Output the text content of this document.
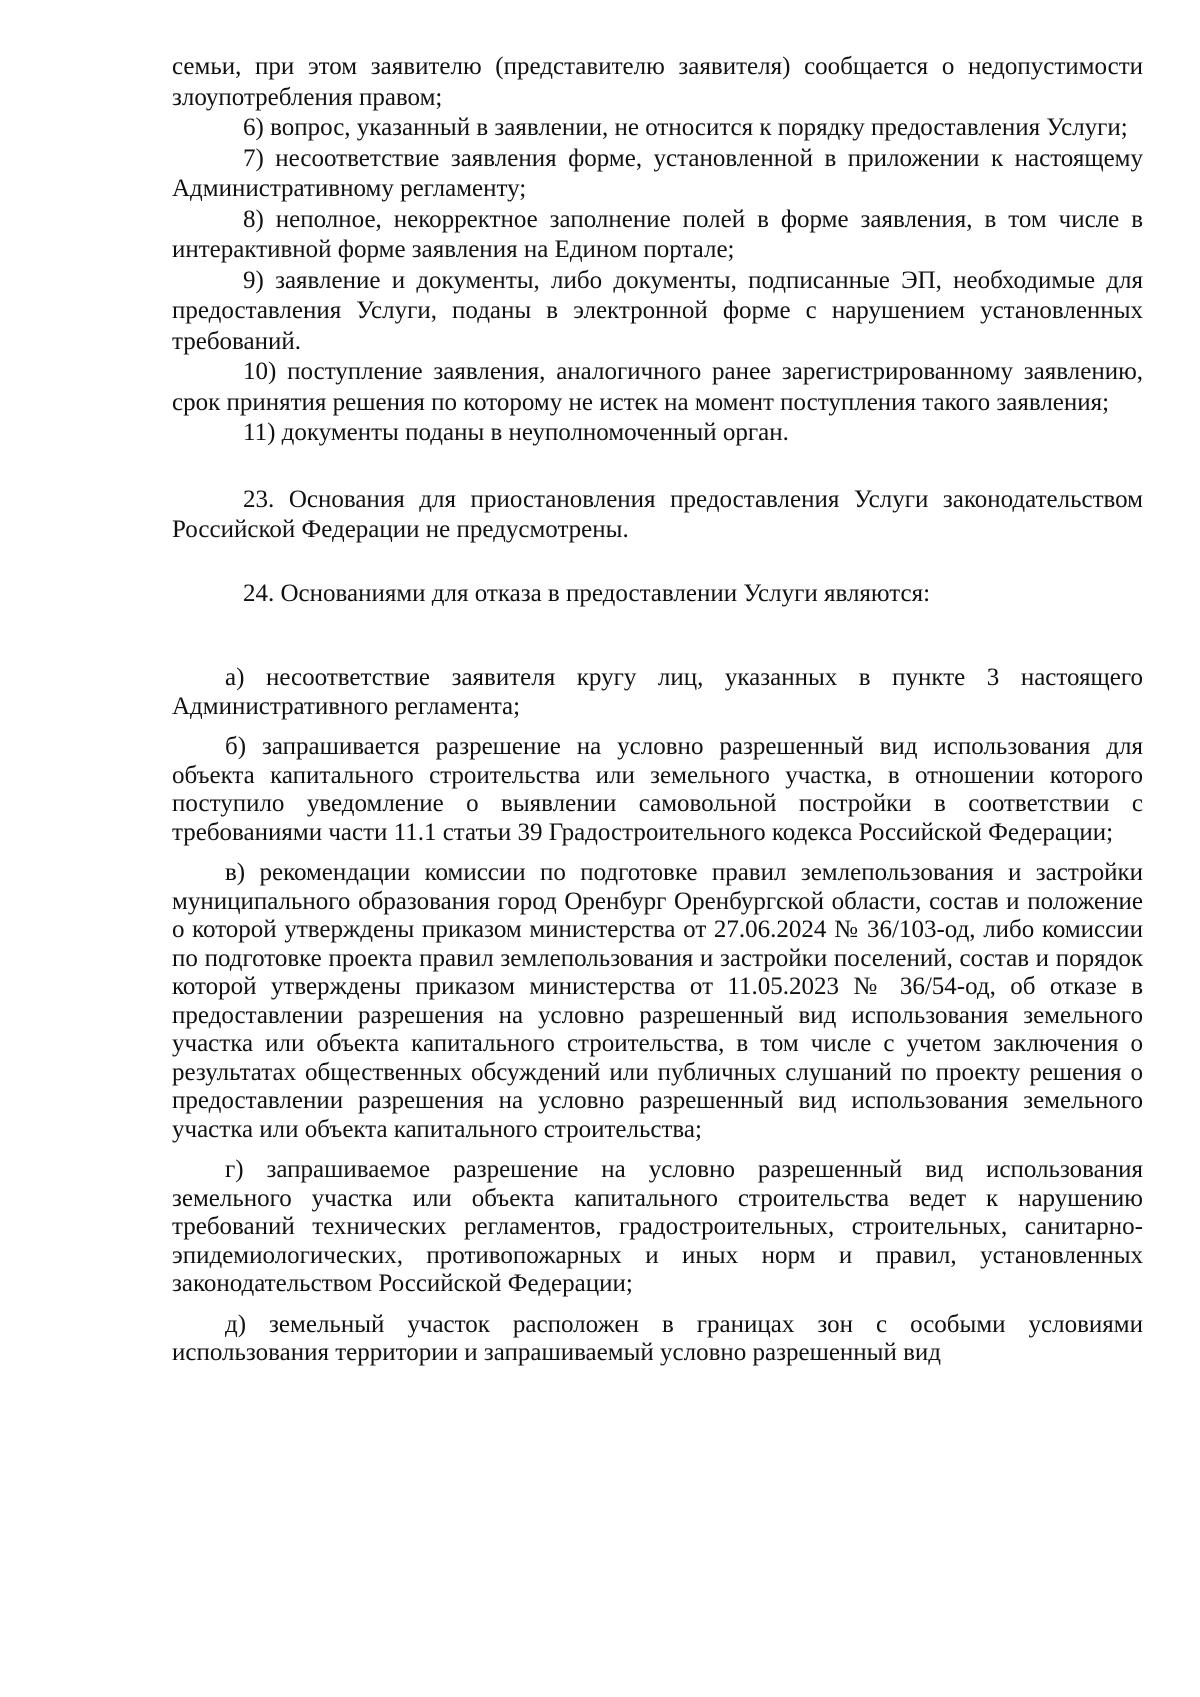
семьи, при этом заявителю (представителю заявителя) сообщается о недопустимости злоупотребления правом;

6) вопрос, указанный в заявлении, не относится к порядку предоставления Услуги;

7) несоответствие заявления форме, установленной в приложении к настоящему Административному регламенту;

8) неполное, некорректное заполнение полей в форме заявления, в том числе в интерактивной форме заявления на Едином портале;

9) заявление и документы, либо документы, подписанные ЭП, необходимые для предоставления Услуги, поданы в электронной форме с нарушением установленных требований.

10) поступление заявления, аналогичного ранее зарегистрированному заявлению, срок принятия решения по которому не истек на момент поступления такого заявления;

11) документы поданы в неуполномоченный орган.

23. Основания для приостановления предоставления Услуги законодательством Российской Федерации не предусмотрены.

24. Основаниями для отказа в предоставлении Услуги являются:

а) несоответствие заявителя кругу лиц, указанных в пункте 3 настоящего Административного регламента;

б) запрашивается разрешение на условно разрешенный вид использования для объекта капитального строительства или земельного участка, в отношении которого поступило уведомление о выявлении самовольной постройки в соответствии с требованиями части 11.1 статьи 39 Градостроительного кодекса Российской Федерации;

в) рекомендации комиссии по подготовке правил землепользования и застройки муниципального образования город Оренбург Оренбургской области, состав и положение о которой утверждены приказом министерства от 27.06.2024 № 36/103-од, либо комиссии по подготовке проекта правил землепользования и застройки поселений, состав и порядок которой утверждены приказом министерства от 11.05.2023 № 36/54-од, об отказе в предоставлении разрешения на условно разрешенный вид использования земельного участка или объекта капитального строительства, в том числе с учетом заключения о результатах общественных обсуждений или публичных слушаний по проекту решения о предоставлении разрешения на условно разрешенный вид использования земельного участка или объекта капитального строительства;

г) запрашиваемое разрешение на условно разрешенный вид использования земельного участка или объекта капитального строительства ведет к нарушению требований технических регламентов, градостроительных, строительных, санитарно-эпидемиологических, противопожарных и иных норм и правил, установленных законодательством Российской Федерации;

д) земельный участок расположен в границах зон с особыми условиями использования территории и запрашиваемый условно разрешенный вид
